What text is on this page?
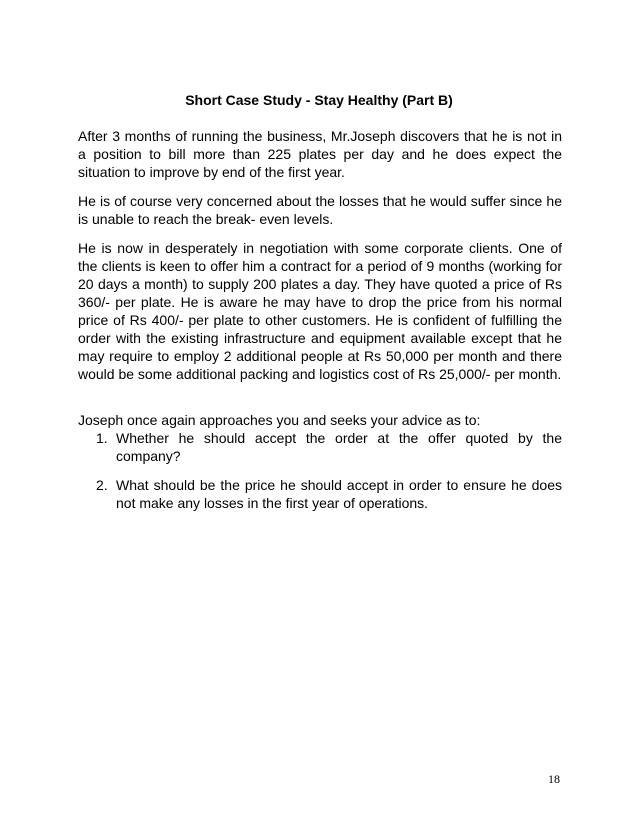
Short Case Study - Stay Healthy (Part B)
After 3 months of running the business, Mr.Joseph discovers that he is not in a position to bill more than 225 plates per day and he does expect the situation to improve by end of the first year.
He is of course very concerned about the losses that he would suffer since he is unable to reach the break- even levels.
He is now in desperately in negotiation with some corporate clients. One of the clients is keen to offer him a contract for a period of 9 months (working for 20 days a month) to supply 200 plates a day. They have quoted a price of Rs 360/- per plate. He is aware he may have to drop the price from his normal price of Rs 400/- per plate to other customers. He is confident of fulfilling the order with the existing infrastructure and equipment available except that he may require to employ 2 additional people at Rs 50,000 per month and there would be some additional packing and logistics cost of Rs 25,000/- per month.
Joseph once again approaches you and seeks your advice as to:
1. Whether he should accept the order at the offer quoted by the company?
2. What should be the price he should accept in order to ensure he does not make any losses in the first year of operations.
18
